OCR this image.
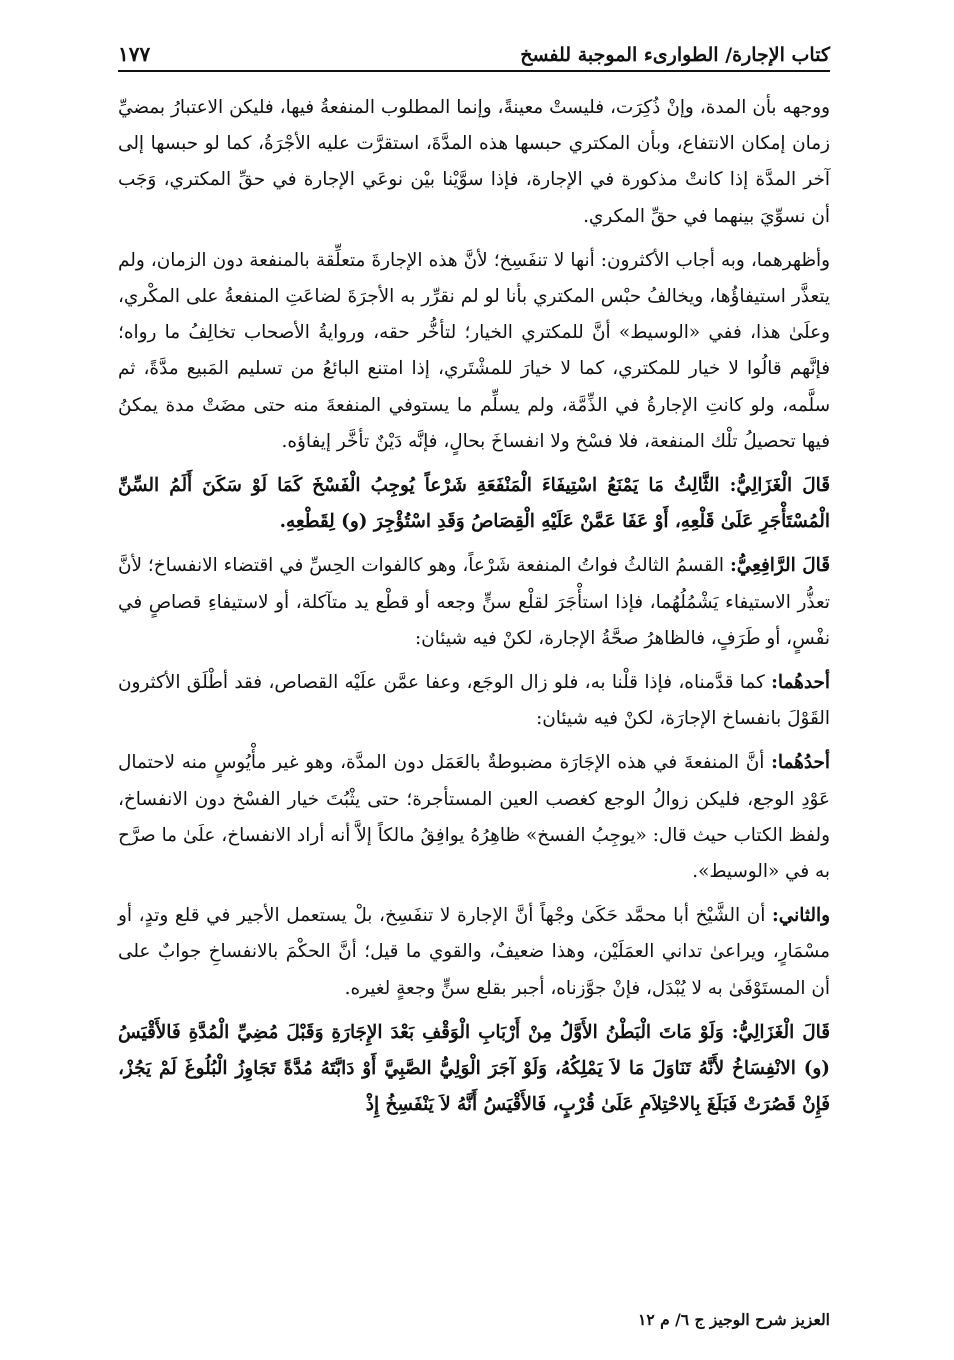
كتاب الإجارة/ الطوارىء الموجبة للفسخ
١٧٧

ووجهه بأن المدة، وإنْ ذُكِرَت، فليستْ معينةً، وإنما المطلوب المنفعةُ فيها، فليكن الاعتبارُ بمضيِّ زمان إمكان الانتفاع، وبأن المكتري حبسها هذه المدَّةَ، استقرَّت عليه الأجْرَةُ، كما لو حبسها إلى آخر المدَّة إذا كانتْ مذكورة في الإجارة، فإذا سوَّيْنا بيْن نوعَي الإجارة في حقِّ المكتري، وَجَب أن نسوِّيَ بينهما في حقِّ المكري.

وأظهرهما، وبه أجاب الأكثرون: أنها لا تنفَسِخ؛ لأنَّ هذه الإجارةَ متعلِّقة بالمنفعة دون الزمان، ولم يتعذَّر استيفاؤُها، ويخالفُ حبْس المكتري بأنا لو لم نقرِّر به الأجرَةَ لضاعَتِ المنفعةُ على المكْري، وعلَىٰ هذا، ففي «الوسيط» أنَّ للمكتري الخيار؛ لتأخُّر حقه، وروايةُ الأصحاب تخالِفُ ما رواه؛ فإنَّهم قالُوا لا خيار للمكتري، كما لا خيارَ للمشْتَري، إذا امتنع البائعُ من تسليم المَبيع مدَّةً، ثم سلَّمه، ولو كانتِ الإجارةُ في الذِّمَّة، ولم يسلِّم ما يستوفي المنفعةَ منه حتى مضَتْ مدة يمكنُ فيها تحصيلُ تلْك المنفعة، فلا فسْخ ولا انفساخَ بحالٍ، فإنَّه دَيْنٌ تأخَّر إيفاؤه.

قَالَ الْغَزَالِيُّ: الثَّالِثُ مَا يَمْنَعُ اسْتِيفَاءَ الْمَنْفَعَةِ شَرْعاً يُوجِبُ الْفَسْخَ كَمَا لَوْ سَكَنَ أَلَمُ السِّنِّ الْمُسْتَأْجَرِ عَلَىٰ قَلْعِهِ، أَوْ عَفَا عَمَّنْ عَلَيْهِ الْقِصَاصُ وَقَدِ اسْتُؤْجِرَ (و) لِقَطْعِهِ.

قَالَ الرَّافِعِيُّ: القسمُ الثالثُ فواتُ المنفعة شَرْعاً، وهو كالفوات الحِسِّ في اقتضاء الانفساخ؛ لأنَّ تعذُّر الاستيفاء يَشْمُلُهُما، فإذا استأْجَرَ لقلْع سنٍّ وجعه أو قطْع يد متآكلة، أو لاستيفاءِ قصاصٍ في نفْسٍ، أو طَرَفٍ، فالظاهرُ صحَّةُ الإجارة، لكنْ فيه شيئان:

أحدهُما: كما قدَّمناه، فإذا قلْنا به، فلو زال الوجَع، وعفا عمَّن علَيْه القصاص، فقد أطْلَق الأكثرون القَوْلَ بانفساخ الإجارَة، لكنْ فيه شيئان:

أحدُهُما: أنَّ المنفعةَ في هذه الإجَارَة مضبوطةٌ بالعَمَل دون المدَّة، وهو غير مأْيُوسٍ منه لاحتمال عَوْدِ الوجع، فليكن زوالُ الوجع كغصب العين المستأجرة؛ حتى يثْبُتَ خيار الفسْخ دون الانفساخ، ولفظ الكتاب حيث قال: «يوجِبُ الفسخ» ظاهِرُهُ يوافِقُ مالكاً إلاَّ أنه أراد الانفساخ، علَىٰ ما صرَّح به في «الوسيط».

والثاني: أن الشَّيْخ أبا محمَّد حَكَىٰ وجْهاً أنَّ الإجارة لا تنفَسِخ، بلْ يستعمل الأجير في قلع وتدٍ، أو مسْمَارٍ، ويراعىٰ تداني العمَلَيْن، وهذا ضعيفٌ، والقوي ما قيل؛ أنَّ الحكْمَ بالانفساخِ جوابٌ على أن المستَوْفَىٰ به لا يُبْدَل، فإنْ جوَّزناه، أجبر بقلع سنٍّ وجعةٍ لغيره.

قَالَ الْغَزَالِيُّ: وَلَوْ مَاتَ الْبَطْنُ الأَوَّلُ مِنْ أَرْبَابِ الْوَقْفِ بَعْدَ الإِجَارَةِ وَقَبْلَ مُضِيِّ الْمُدَّةِ فَالأَقْيَسُ (و) الانْفِسَاخُ لأَنَّهُ تَنَاوَلَ مَا لاَ يَمْلِكُهُ، وَلَوْ آجَرَ الْوَلِيُّ الصَّبِيَّ أَوْ دَابَّتَهُ مُدَّةً تَجَاوِزُ الْبُلُوغَ لَمْ يَجُزْ، فَإِنْ قَصُرَتْ فَبَلَغَ بِالاحْتِلاَمِ عَلَىٰ قُرْبٍ، فَالأَقْيَسُ أَنَّهُ لاَ يَنْفَسِخُ إِذْ

العزيز شرح الوجيز ج ٦/ م ١٢
